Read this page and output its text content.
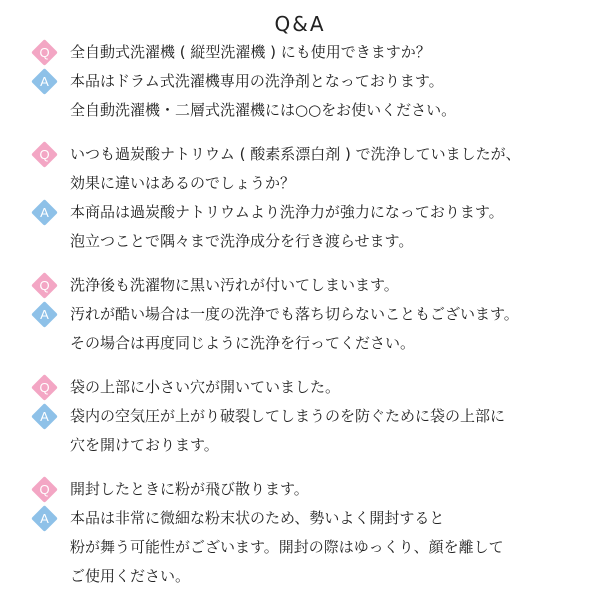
Q&A
Q 全自動式洗濯機 ( 縦型洗濯機 ) にも使用できますか？
A	本品はドラム式洗濯機専用の洗浄剤となっております。
全自動洗濯機・二層式洗濯機には○○をお使いください。
Q いつも過炭酸ナトリウム ( 酸素系漂白剤 ) で洗浄していましたが、
効果に違いはあるのでしょうか？
A	本商品は過炭酸ナトリウムより洗浄力が強力になっております。
泡立つことで隅々まで洗浄成分を行き渡らせます。
Q 洗浄後も洗濯物に黒い汚れが付いてしまいます。
A	汚れが酷い場合は一度の洗浄でも落ち切らないこともございます。
その場合は再度同じように洗浄を行ってください。
Q 袋の上部に小さい穴が開いていました。
A	袋内の空気圧が上がり破裂してしまうのを防ぐために袋の上部に
穴を開けております。
Q 開封したときに粉が飛び散ります。
A	本品は非常に微細な粉末状のため、勢いよく開封すると
粉が舞う可能性がございます。開封の際はゆっくり、顔を離して
ご使用ください。
